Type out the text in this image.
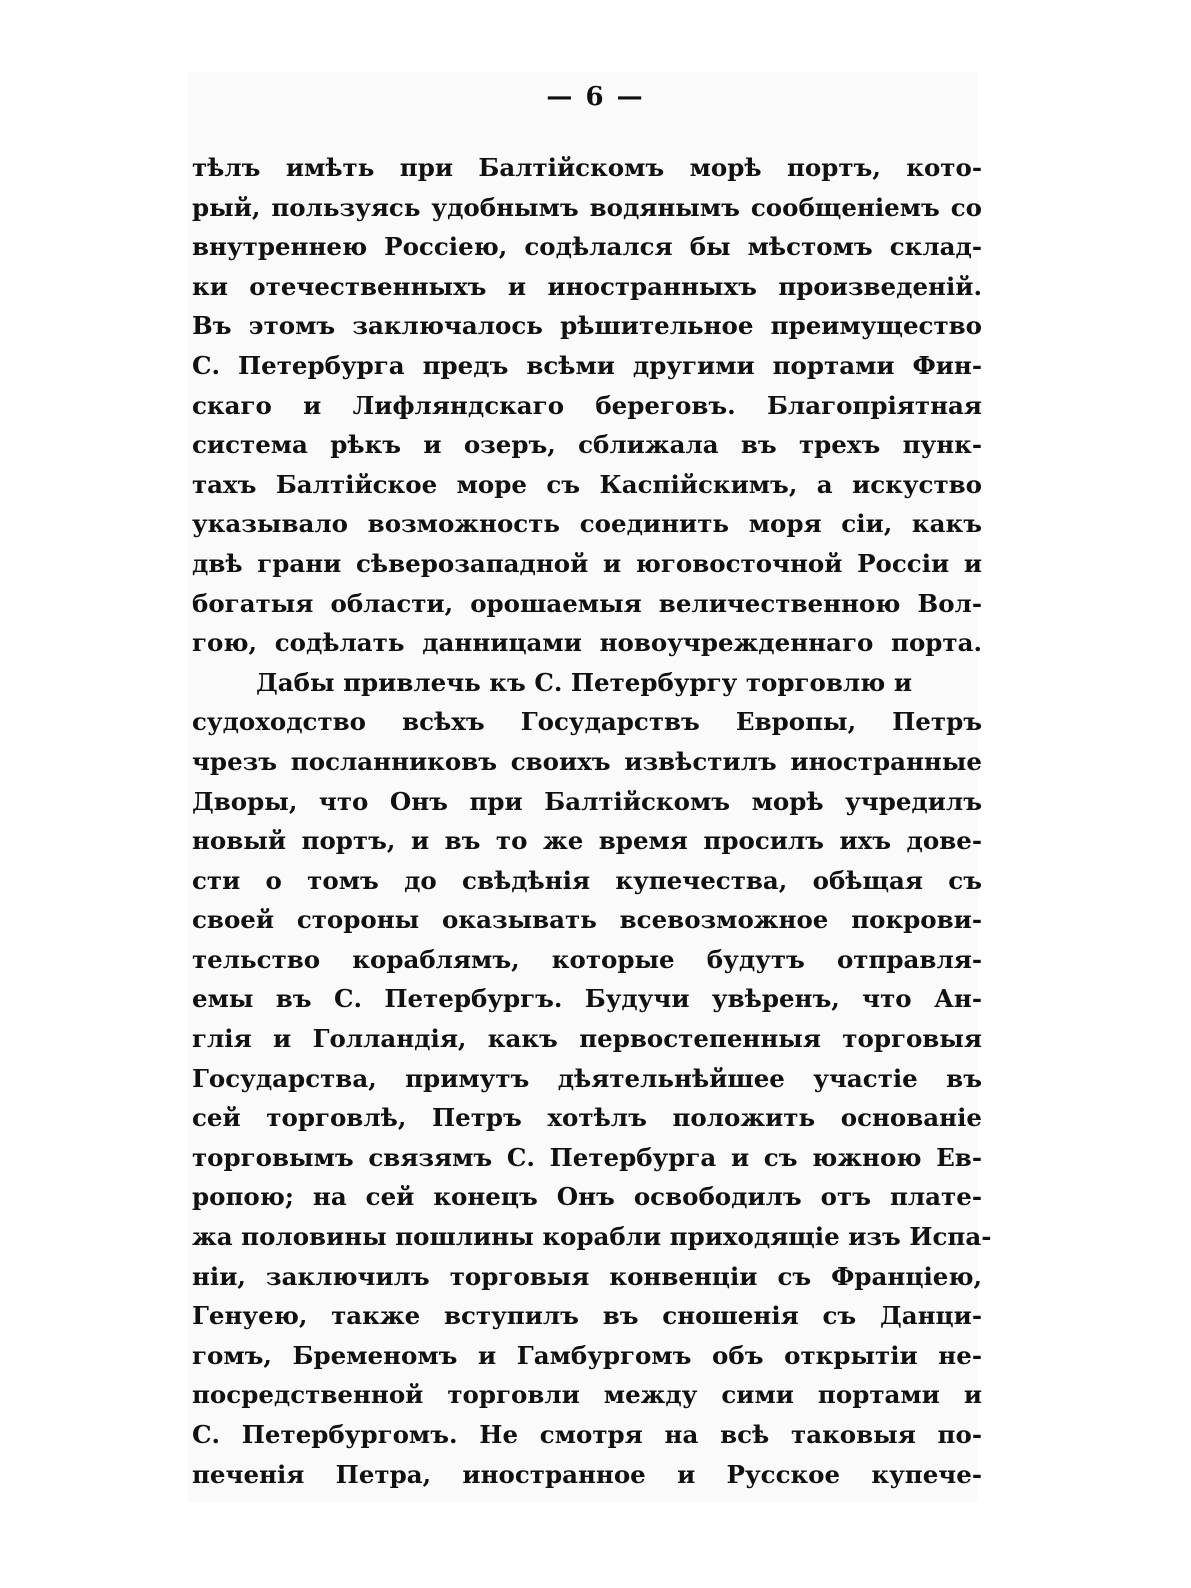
— 6 —
тѣлъ имѣть при Балтійскомъ морѣ портъ, кото-
рый, пользуясь удобнымъ водянымъ сообщеніемъ со
внутреннею Россіею, содѣлался бы мѣстомъ склад-
ки отечественныхъ и иностранныхъ произведеній.
Въ этомъ заключалось рѣшительное преимущество
С. Петербурга предъ всѣми другими портами Фин-
скаго и Лифляндскаго береговъ. Благопріятная
система рѣкъ и озеръ, сближала въ трехъ пунк-
тахъ Балтійское море съ Каспійскимъ, а искуство
указывало возможность соединить моря сіи, какъ
двѣ грани сѣверозападной и юговосточной Россіи и
богатыя области, орошаемыя величественною Вол-
гою, содѣлать данницами новоучрежденнаго порта.
Дабы привлечь къ С. Петербургу торговлю и
судоходство всѣхъ Государствъ Европы, Петръ
чрезъ посланниковъ своихъ извѣстилъ иностранные
Дворы, что Онъ при Балтійскомъ морѣ учредилъ
новый портъ, и въ то же время просилъ ихъ дове-
сти о томъ до свѣдѣнія купечества, обѣщая съ
своей стороны оказывать всевозможное покрови-
тельство кораблямъ, которые будутъ отправля-
емы въ С. Петербургъ. Будучи увѣренъ, что Ан-
глія и Голландія, какъ первостепенныя торговыя
Государства, примутъ дѣятельнѣйшее участіе въ
сей торговлѣ, Петръ хотѣлъ положить основаніе
торговымъ связямъ С. Петербурга и съ южною Ев-
ропою; на сей конецъ Онъ освободилъ отъ плате-
жа половины пошлины корабли приходящіе изъ Испа-
ніи, заключилъ торговыя конвенціи съ Франціею,
Генуею, также вступилъ въ сношенія съ Данци-
гомъ, Бременомъ и Гамбургомъ объ открытіи не-
посредственной торговли между сими портами и
С. Петербургомъ. Не смотря на всѣ таковыя по-
печенія Петра, иностранное и Русское купече-
